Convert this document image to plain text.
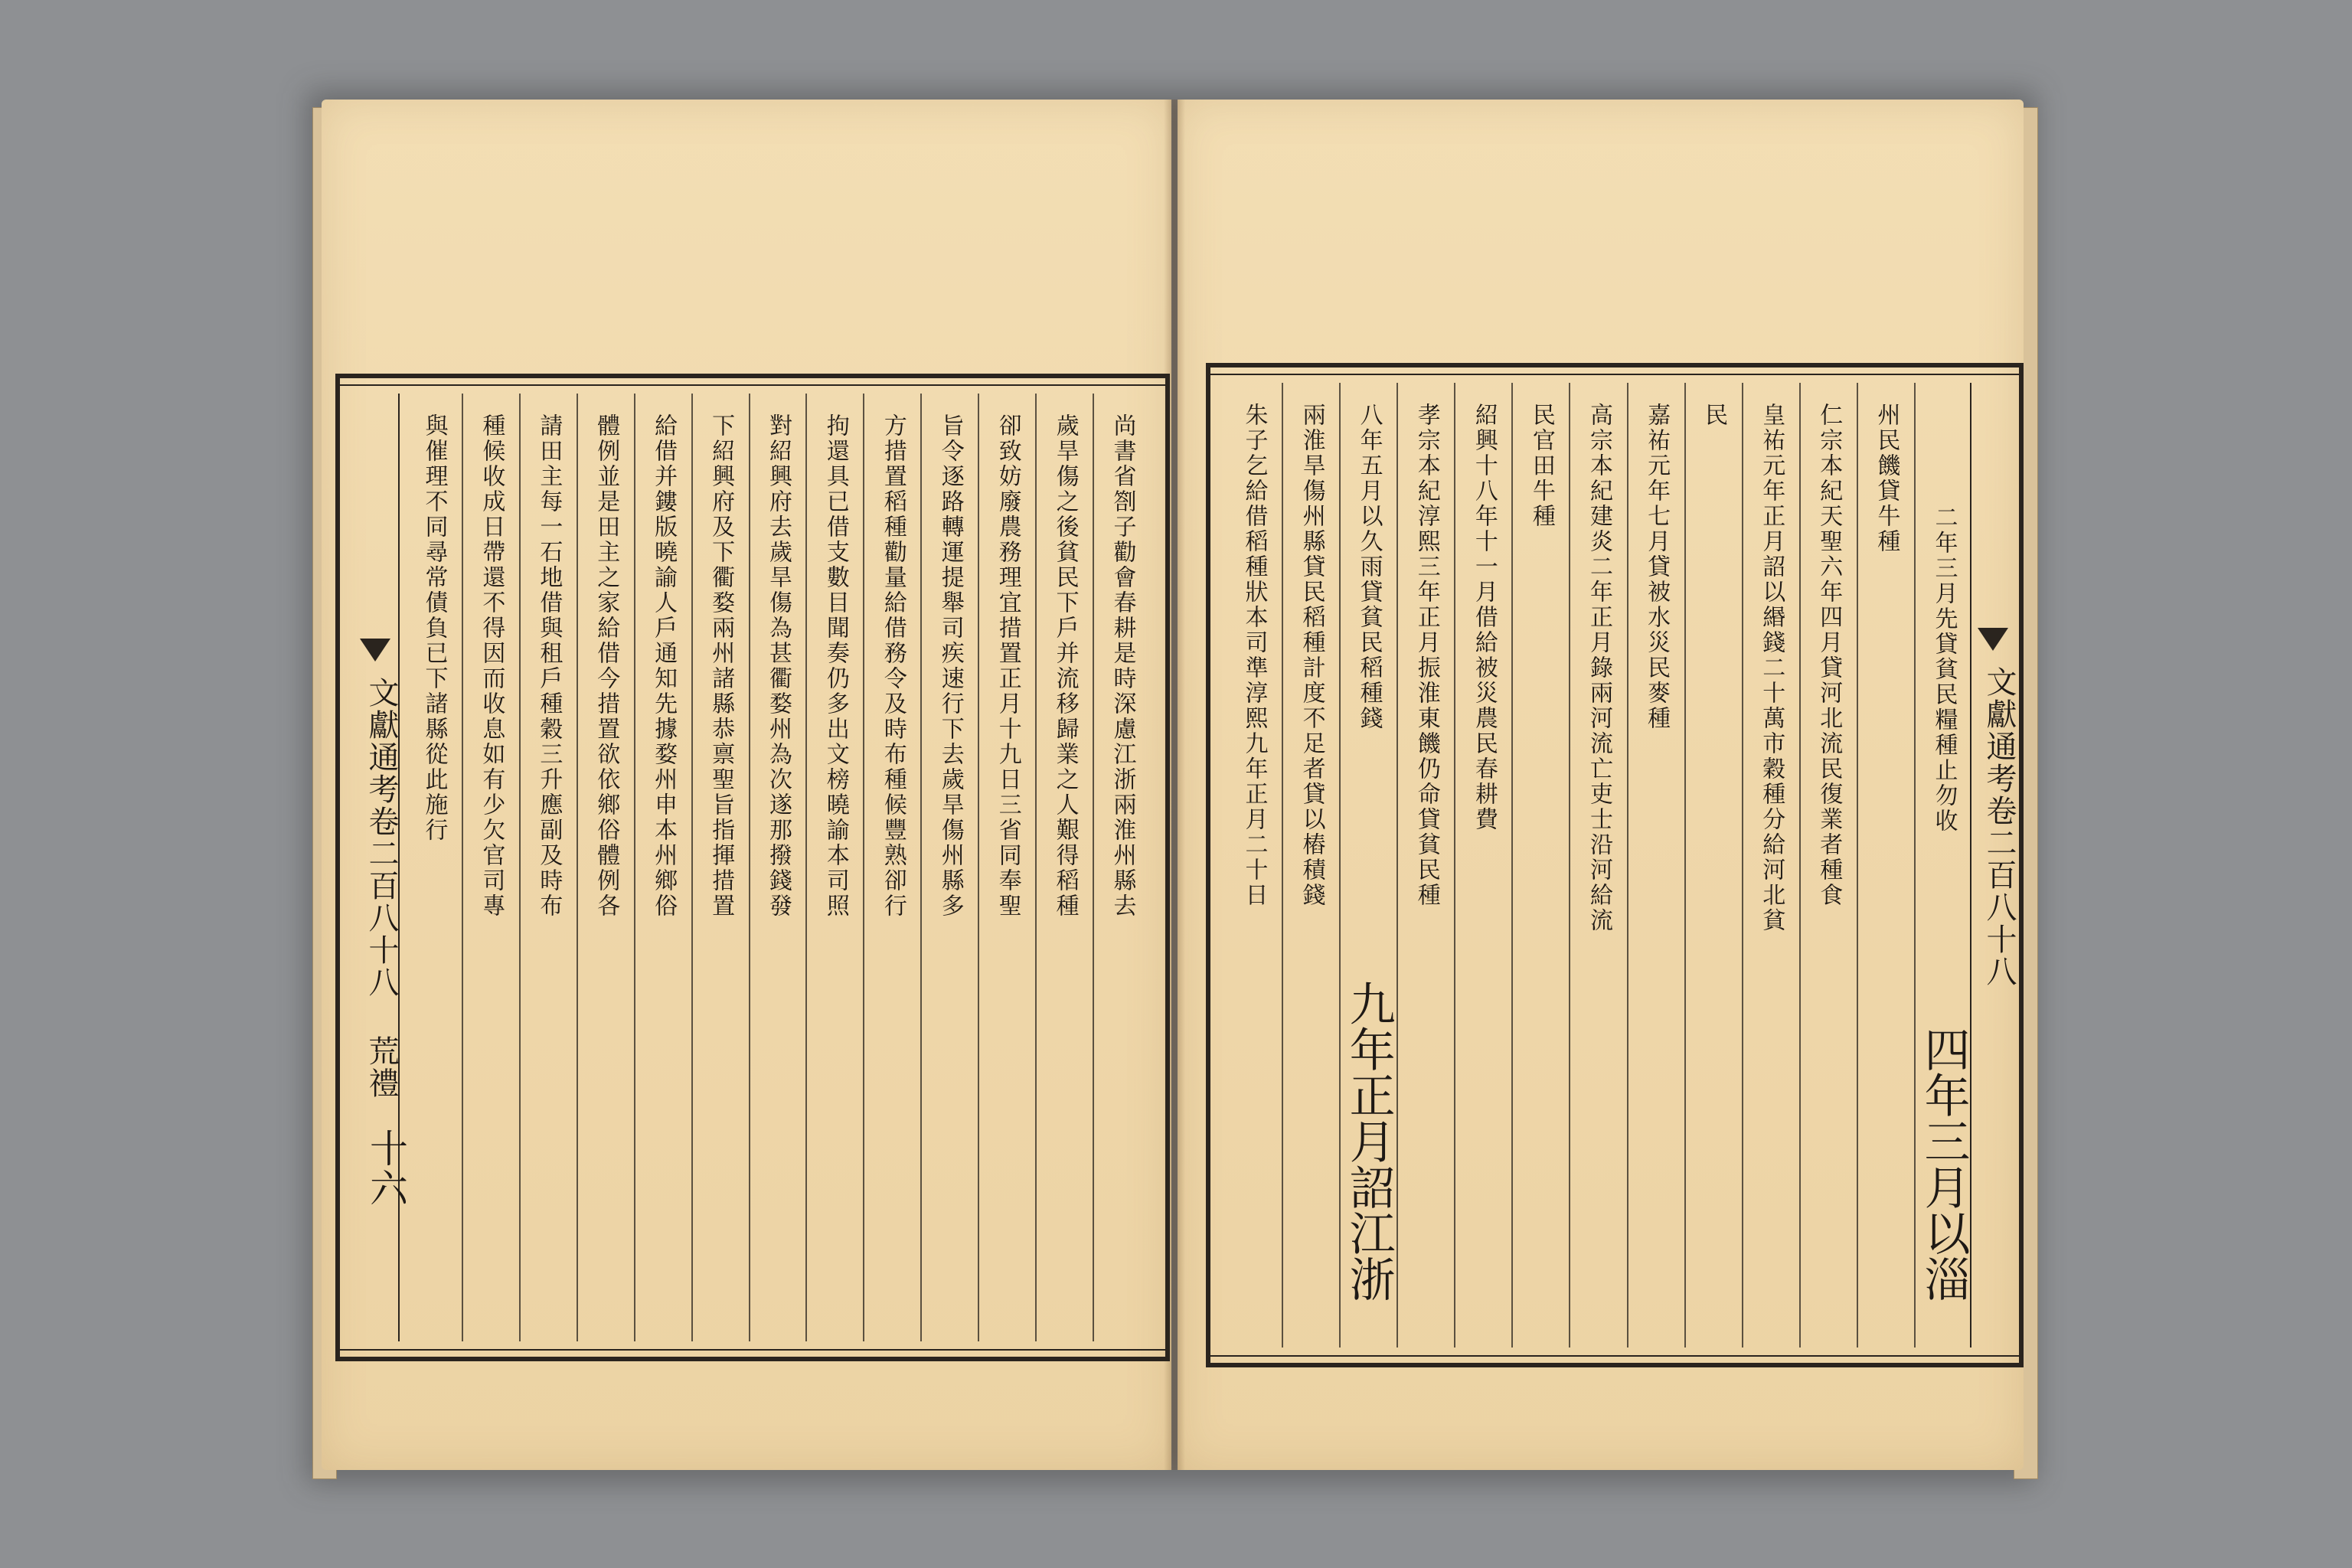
文獻通考卷二百八十八 荒禮
十六
尚書省劄子勸會春耕是時深慮江浙兩淮州縣去
歲旱傷之後貧民下戶并流移歸業之人艱得稻種
卻致妨廢農務理宜措置正月十九日三省同奉聖
旨令逐路轉運提舉司疾速行下去歲旱傷州縣多
方措置稻種勸量給借務令及時布種候豐熟卻行
拘還具已借支數目聞奏仍多出文榜曉諭本司照
對紹興府去歲旱傷為甚衢婺州為次遂那撥錢發
下紹興府及下衢婺兩州諸縣恭禀聖旨指揮措置
給借并鏤版曉諭人戶通知先據婺州申本州鄉俗
體例並是田主之家給借今措置欲依鄉俗體例各
請田主每一石地借與租戶種穀三升應副及時布
種候收成日帶還不得因而收息如有少欠官司專
與催理不同尋常債負已下諸縣從此施行	文獻通考卷二百八十八
二年三月先貸貧民糧種止勿收
四年三月以淄
州民饑貸牛種
仁宗本紀天聖六年四月貸河北流民復業者種食
皇祐元年正月詔以緡錢二十萬市穀種分給河北貧
民
嘉祐元年七月貸被水災民麥種
高宗本紀建炎二年正月錄兩河流亡吏士沿河給流
民官田牛種
紹興十八年十一月借給被災農民春耕費
孝宗本紀淳熙三年正月振淮東饑仍命貸貧民種
八年五月以久雨貸貧民稻種錢
九年正月詔江浙
兩淮旱傷州縣貸民稻種計度不足者貸以樁積錢
朱子乞給借稻種狀本司準淳熙九年正月二十日
